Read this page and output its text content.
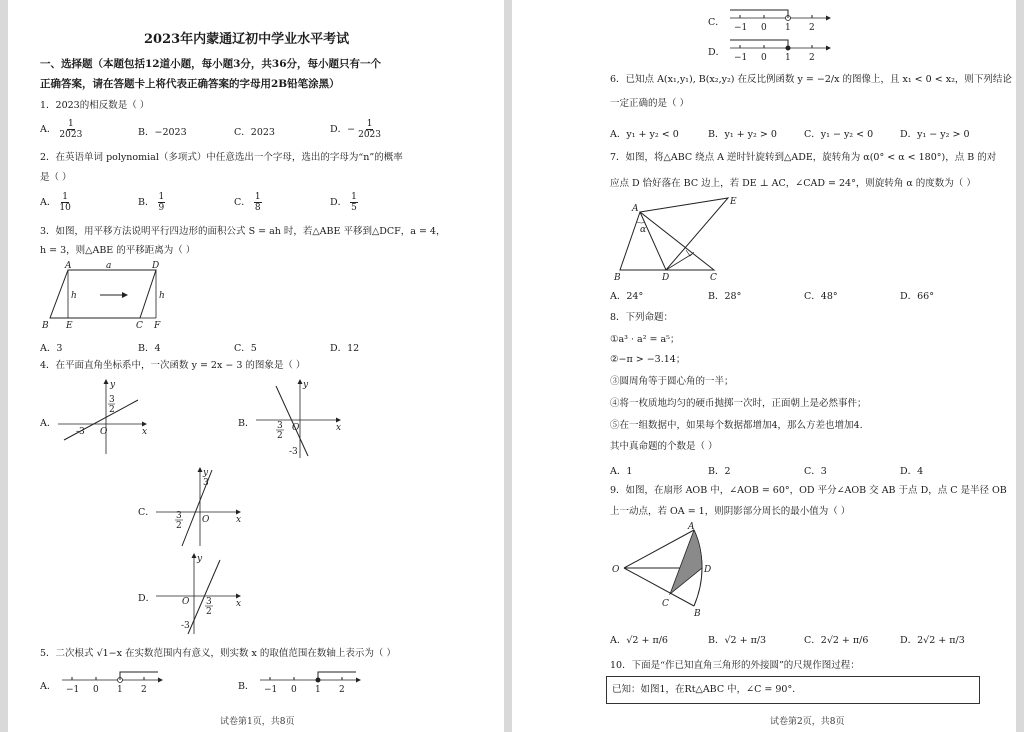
2023年内蒙通辽初中学业水平考试
一、选择题（本题包括12道小题，每小题3分，共36分，每小题只有一个
正确答案，请在答题卡上将代表正确答案的字母用2B铅笔涂黑）
1．2023的相反数是（ ）
A． $\frac{1}{2023}$	B．−2023	C．2023	D．− $\frac{1}{2023}$
2．在英语单词 polynomial（多项式）中任意选出一个字母，选出的字母为“n”的概率
是（ ）
A． $\frac{1}{10}$	B． $\frac{1}{9}$	C． $\frac{1}{8}$	D． $\frac{1}{5}$
3．如图，用平移方法说明平行四边形的面积公式 S = ah 时，若△ABE 平移到△DCF，a = 4，
h = 3，则△ABE 的平移距离为（ ）
A	a	D
h	h
B E	C F
A．3	B．4	C．5	D．12
4．在平面直角坐标系中，一次函数 y = 2x − 3 的图象是（ ）
A．
y
x
O
-3
3
2
B．
y
x
O
3
2
-3
C．
y
x
O
3
3
2
D．
y
x
O 3
2
-3
5．二次根式 √1−x 在实数范围内有意义，则实数 x 的取值范围在数轴上表示为（ ）
A． −1 0 1 2	B． −1 0 1 2
试卷第1页，共8页
C． −1 0 1 2
D． −1 0 1 2
6．已知点 A(x₁,y₁), B(x₂,y₂) 在反比例函数 y = −2/x 的图像上，且 x₁ < 0 < x₂，则下列结论
一定正确的是（ ）
A．y₁ + y₂ < 0	B．y₁ + y₂ > 0	C．y₁ − y₂ < 0	D．y₁ − y₂ > 0
7．如图，将△ABC 绕点 A 逆时针旋转到△ADE，旋转角为 α(0° < α < 180°)，点 B 的对
应点 D 恰好落在 BC 边上，若 DE ⊥ AC，∠CAD = 24°，则旋转角 α 的度数为（ ）
A
E
α
B	D	C
A．24°	B．28°	C．48°	D．66°
8．下列命题：
①a³ · a² = a⁵；
②−π > −3.14；
③圆周角等于圆心角的一半；
④将一枚质地均匀的硬币抛掷一次时，正面朝上是必然事件；
⑤在一组数据中，如果每个数据都增加4，那么方差也增加4.
其中真命题的个数是（ ）
A．1	B．2	C．3	D．4
9．如图，在扇形 AOB 中，∠AOB = 60°，OD 平分∠AOB 交 AB 于点 D，点 C 是半径 OB
上一动点，若 OA = 1，则阴影部分周长的最小值为（ ）
A
O	D
C
B
A．√2 + π/6	B．√2 + π/3	C．2√2 + π/6	D．2√2 + π/3
10．下面是“作已知直角三角形的外接圆”的尺规作图过程：
已知：如图1，在Rt△ABC 中，∠C = 90°．
试卷第2页，共8页
